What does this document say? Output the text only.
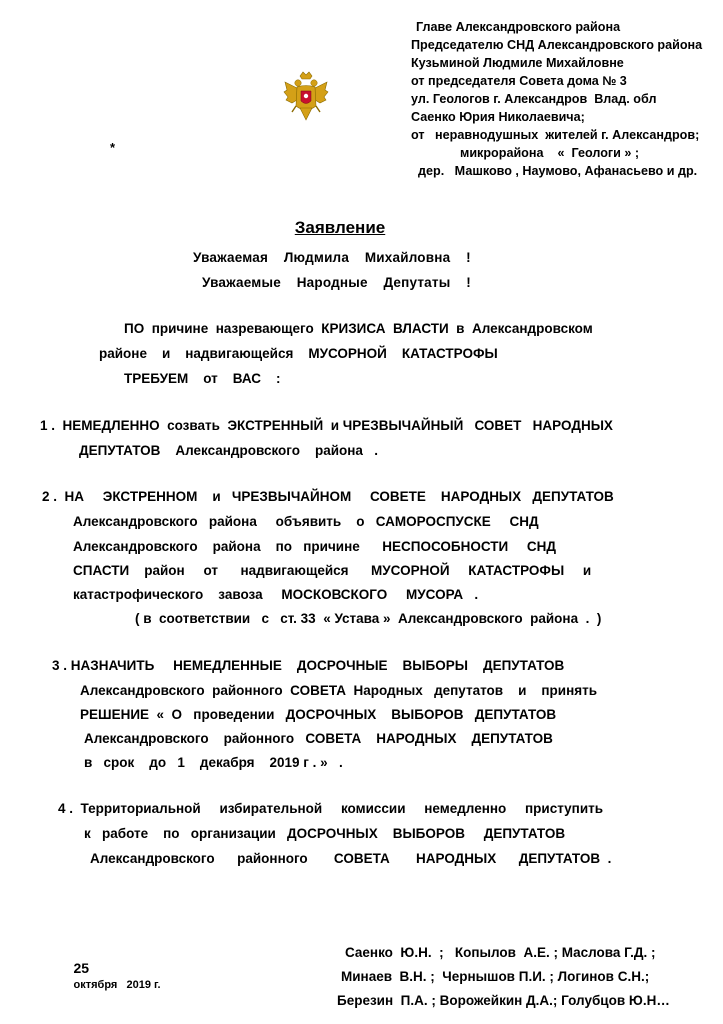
*
Главе Александровского района
Председателю СНД Александровского района
Кузьминой Людмиле Михайловне
от председателя Совета дома № 3
ул. Геологов г. Александров  Влад. обл
Саенко Юрия Николаевича;
от   неравнодушных  жителей г. Александров;
микрорайона    «  Геологи » ;
дер.   Машково , Наумово, Афанасьево и др.
Заявление
Уважаемая    Людмила    Михайловна    !
Уважаемые    Народные    Депутаты    !
ПО  причине  назревающего  КРИЗИСА  ВЛАСТИ  в  Александровском
районе    и    надвигающейся    МУСОРНОЙ    КАТАСТРОФЫ
ТРЕБУЕМ    от    ВАС    :
1 .  НЕМЕДЛЕННО  созвать  ЭКСТРЕННЫЙ  и ЧРЕЗВЫЧАЙНЫЙ   СОВЕТ   НАРОДНЫХ
ДЕПУТАТОВ    Александровского    района   .
2 .  НА     ЭКСТРЕННОМ    и   ЧРЕЗВЫЧАЙНОМ     СОВЕТЕ    НАРОДНЫХ   ДЕПУТАТОВ
Александровского   района     объявить    о   САМОРОСПУСКЕ     СНД
Александровского    района    по   причине      НЕСПОСОБНОСТИ     СНД
СПАСТИ    район     от      надвигающейся      МУСОРНОЙ     КАТАСТРОФЫ     и
катастрофического    завоза     МОСКОВСКОГО     МУСОРА   .
( в  соответствии   с   ст. 33  « Устава »  Александровского  района  .  )
3 . НАЗНАЧИТЬ     НЕМЕДЛЕННЫЕ    ДОСРОЧНЫЕ    ВЫБОРЫ    ДЕПУТАТОВ
Александровского  районного  СОВЕТА  Народных   депутатов    и    принять
РЕШЕНИЕ  «  О   проведении   ДОСРОЧНЫХ    ВЫБОРОВ   ДЕПУТАТОВ
Александровского    районного   СОВЕТА    НАРОДНЫХ    ДЕПУТАТОВ
в   срок    до   1    декабря    2019 г . »   .
4 .  Территориальной     избирательной     комиссии     немедленно     приступить
к   работе    по   организации   ДОСРОЧНЫХ    ВЫБОРОВ     ДЕПУТАТОВ
Александровского      районного       СОВЕТА       НАРОДНЫХ      ДЕПУТАТОВ  .

25
октября   2019 г.

Саенко  Ю.Н.  ;   Копылов  А.Е. ; Маслова Г.Д. ;
Минаев  В.Н. ;  Чернышов П.И. ; Логинов С.Н.;
Березин  П.А. ; Ворожейкин Д.А.; Голубцов Ю.Н…
